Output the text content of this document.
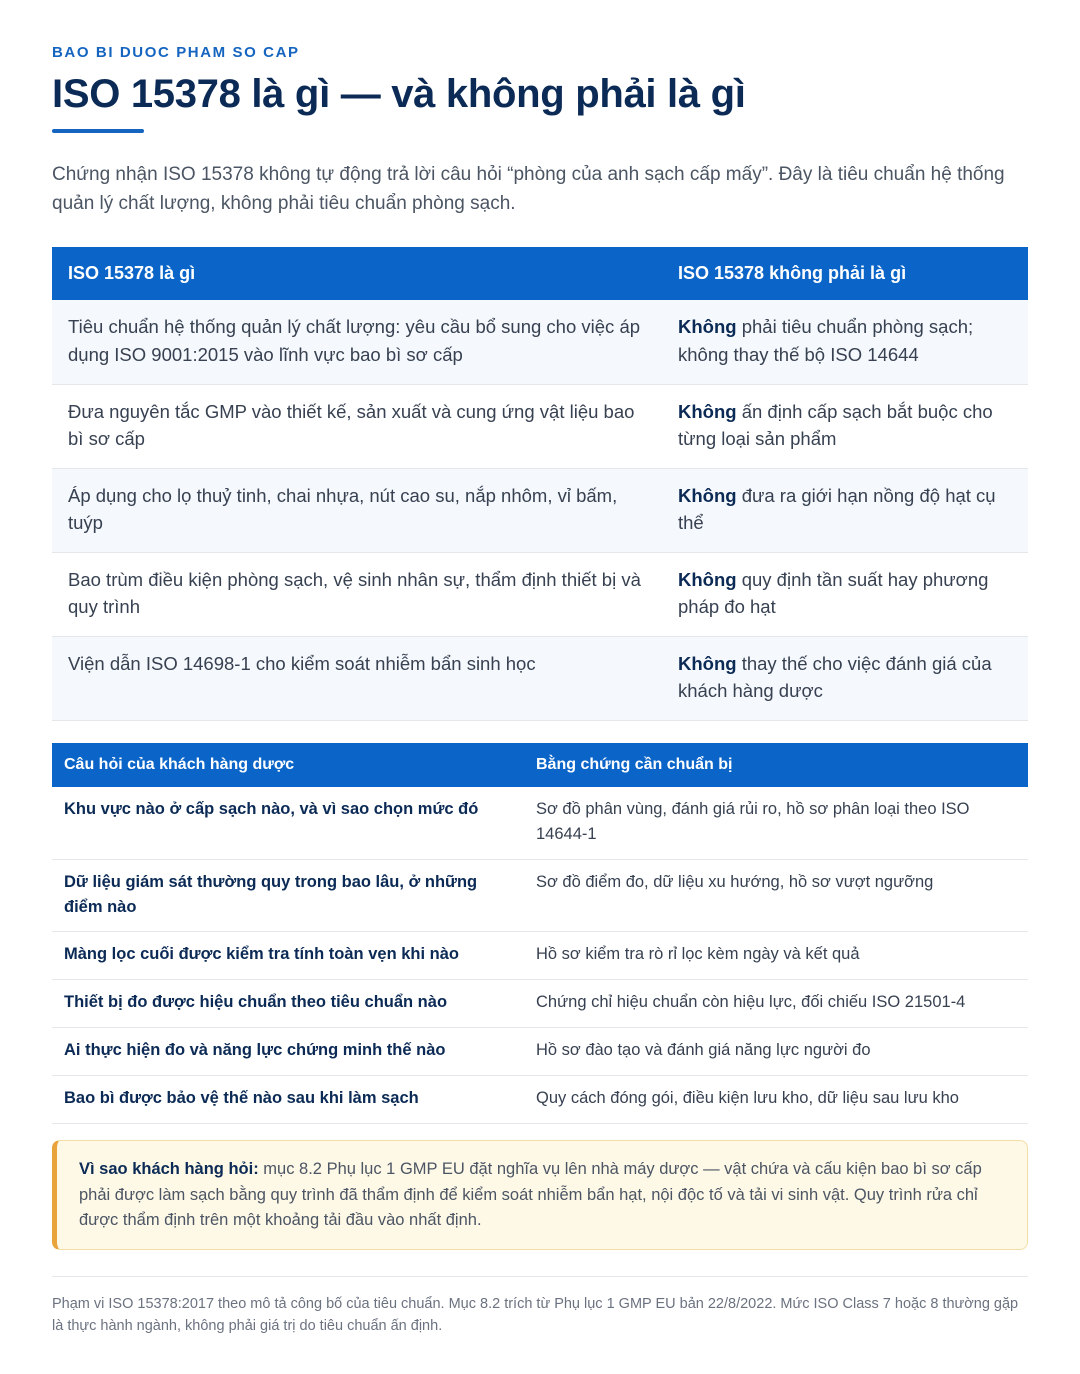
BAO BI DUOC PHAM SO CAP
ISO 15378 là gì — và không phải là gì

Chứng nhận ISO 15378 không tự động trả lời câu hỏi “phòng của anh sạch cấp mấy”. Đây là tiêu chuẩn hệ thống quản lý chất lượng, không phải tiêu chuẩn phòng sạch.

ISO 15378 là gì	ISO 15378 không phải là gì
Tiêu chuẩn hệ thống quản lý chất lượng: yêu cầu bổ sung cho việc áp dụng ISO 9001:2015 vào lĩnh vực bao bì sơ cấp	Không phải tiêu chuẩn phòng sạch; không thay thế bộ ISO 14644
Đưa nguyên tắc GMP vào thiết kế, sản xuất và cung ứng vật liệu bao bì sơ cấp	Không ấn định cấp sạch bắt buộc cho từng loại sản phẩm
Áp dụng cho lọ thuỷ tinh, chai nhựa, nút cao su, nắp nhôm, vỉ bấm, tuýp	Không đưa ra giới hạn nồng độ hạt cụ thể
Bao trùm điều kiện phòng sạch, vệ sinh nhân sự, thẩm định thiết bị và quy trình	Không quy định tần suất hay phương pháp đo hạt
Viện dẫn ISO 14698-1 cho kiểm soát nhiễm bẩn sinh học	Không thay thế cho việc đánh giá của khách hàng dược
Câu hỏi của khách hàng dược	Bằng chứng cần chuẩn bị
Khu vực nào ở cấp sạch nào, và vì sao chọn mức đó	Sơ đồ phân vùng, đánh giá rủi ro, hồ sơ phân loại theo ISO 14644-1
Dữ liệu giám sát thường quy trong bao lâu, ở những điểm nào	Sơ đồ điểm đo, dữ liệu xu hướng, hồ sơ vượt ngưỡng
Màng lọc cuối được kiểm tra tính toàn vẹn khi nào	Hồ sơ kiểm tra rò rỉ lọc kèm ngày và kết quả
Thiết bị đo được hiệu chuẩn theo tiêu chuẩn nào	Chứng chỉ hiệu chuẩn còn hiệu lực, đối chiếu ISO 21501-4
Ai thực hiện đo và năng lực chứng minh thế nào	Hồ sơ đào tạo và đánh giá năng lực người đo
Bao bì được bảo vệ thế nào sau khi làm sạch	Quy cách đóng gói, điều kiện lưu kho, dữ liệu sau lưu kho
Vì sao khách hàng hỏi: mục 8.2 Phụ lục 1 GMP EU đặt nghĩa vụ lên nhà máy dược — vật chứa và cấu kiện bao bì sơ cấp phải được làm sạch bằng quy trình đã thẩm định để kiểm soát nhiễm bẩn hạt, nội độc tố và tải vi sinh vật. Quy trình rửa chỉ được thẩm định trên một khoảng tải đầu vào nhất định.

Phạm vi ISO 15378:2017 theo mô tả công bố của tiêu chuẩn. Mục 8.2 trích từ Phụ lục 1 GMP EU bản 22/8/2022. Mức ISO Class 7 hoặc 8 thường gặp là thực hành ngành, không phải giá trị do tiêu chuẩn ấn định.
